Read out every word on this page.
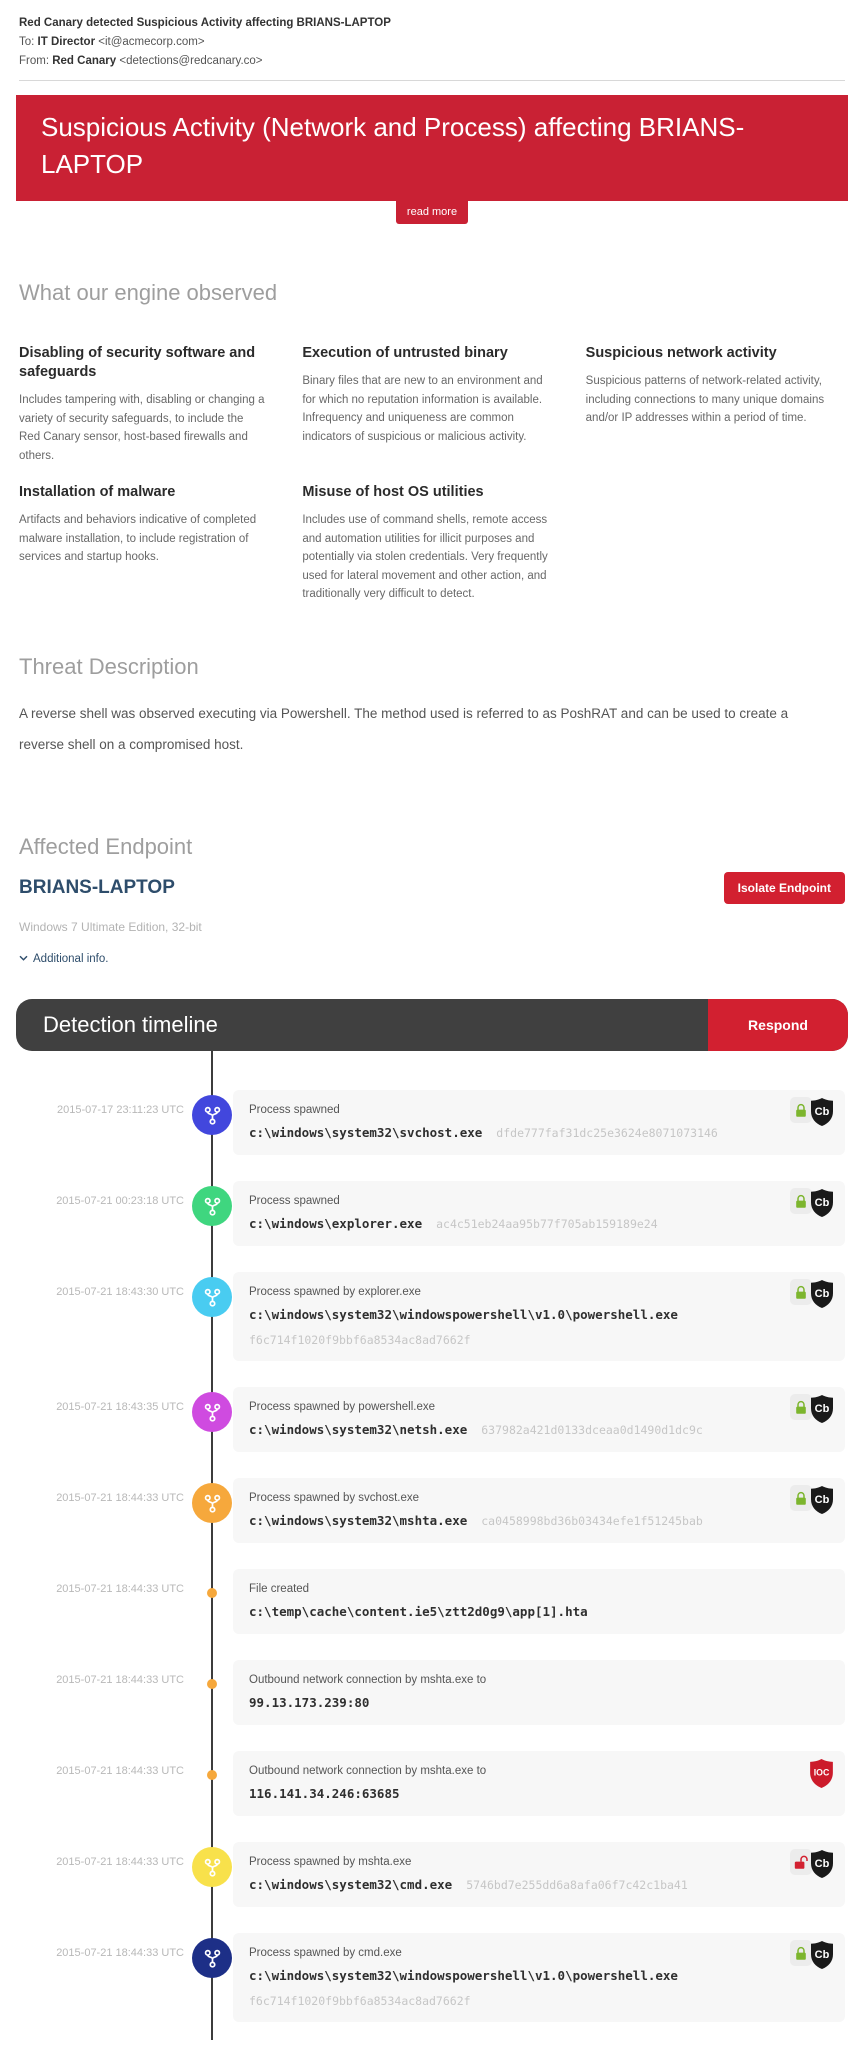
Red Canary detected Suspicious Activity affecting BRIANS-LAPTOP
To: IT Director <it@acmecorp.com>
From: Red Canary <detections@redcanary.co>
Suspicious Activity (Network and Process) affecting BRIANS-LAPTOP
read more
What our engine observed
Disabling of security software and safeguards
Includes tampering with, disabling or changing a variety of security safeguards, to include the Red Canary sensor, host-based firewalls and others.
Execution of untrusted binary
Binary files that are new to an environment and for which no reputation information is available. Infrequency and uniqueness are common indicators of suspicious or malicious activity.
Suspicious network activity
Suspicious patterns of network-related activity, including connections to many unique domains and/or IP addresses within a period of time.
Installation of malware
Artifacts and behaviors indicative of completed malware installation, to include registration of services and startup hooks.
Misuse of host OS utilities
Includes use of command shells, remote access and automation utilities for illicit purposes and potentially via stolen credentials. Very frequently used for lateral movement and other action, and traditionally very difficult to detect.
Threat Description

A reverse shell was observed executing via Powershell. The method used is referred to as PoshRAT and can be used to create a reverse shell on a compromised host.

Affected Endpoint
BRIANS-LAPTOP	Isolate Endpoint
Windows 7 Ultimate Edition, 32-bit
Additional info.
Detection timeline	Respond
2015-07-17 23:11:23 UTC	Process spawned
c:\windows\system32\svchost.exe dfde777faf31dc25e3624e8071073146
Cb
2015-07-21 00:23:18 UTC	Process spawned
c:\windows\explorer.exe ac4c51eb24aa95b77f705ab159189e24
Cb
2015-07-21 18:43:30 UTC	Process spawned by explorer.exe
c:\windows\system32\windowspowershell\v1.0\powershell.exe
f6c714f1020f9bbf6a8534ac8ad7662f
Cb
2015-07-21 18:43:35 UTC	Process spawned by powershell.exe
c:\windows\system32\netsh.exe 637982a421d0133dceaa0d1490d1dc9c
Cb
2015-07-21 18:44:33 UTC	Process spawned by svchost.exe
c:\windows\system32\mshta.exe ca0458998bd36b03434efe1f51245bab
Cb
2015-07-21 18:44:33 UTC	File created
c:\temp\cache\content.ie5\ztt2d0g9\app[1].hta
2015-07-21 18:44:33 UTC	Outbound network connection by mshta.exe to
99.13.173.239:80
2015-07-21 18:44:33 UTC	Outbound network connection by mshta.exe to
116.141.34.246:63685
IOC
2015-07-21 18:44:33 UTC	Process spawned by mshta.exe
c:\windows\system32\cmd.exe 5746bd7e255dd6a8afa06f7c42c1ba41
Cb
2015-07-21 18:44:33 UTC	Process spawned by cmd.exe
c:\windows\system32\windowspowershell\v1.0\powershell.exe
f6c714f1020f9bbf6a8534ac8ad7662f
Cb
